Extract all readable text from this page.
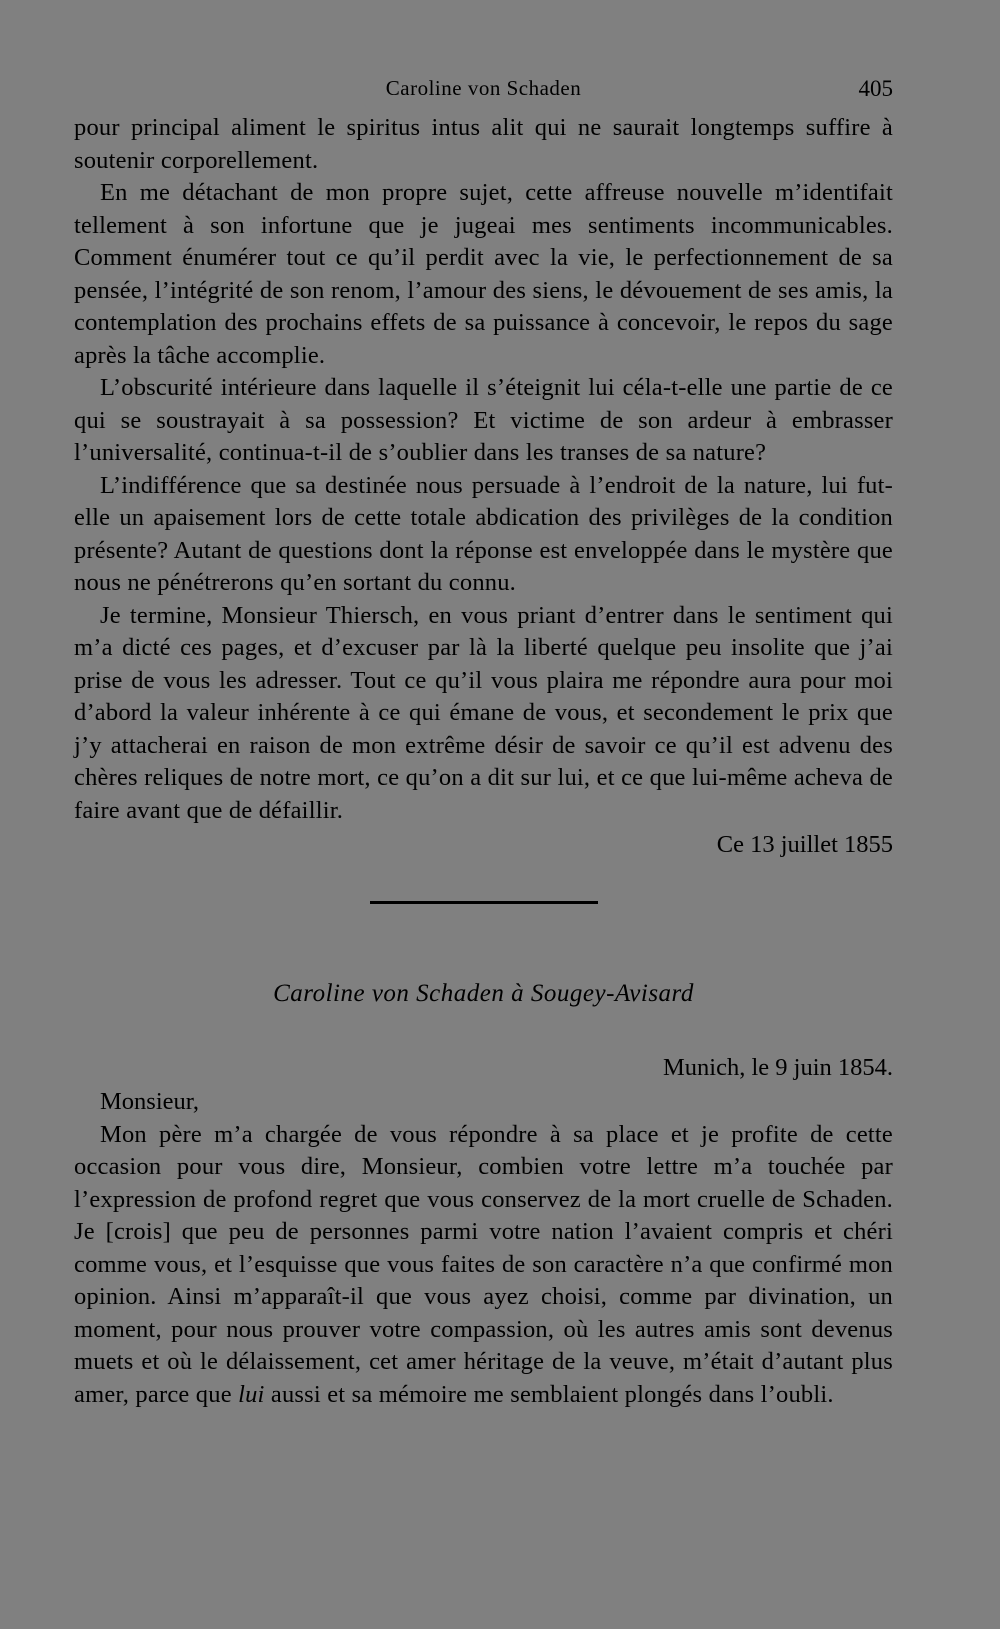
Caroline von Schaden	405

pour principal aliment le spiritus intus alit qui ne saurait longtemps suffire à soutenir corporellement.

En me détachant de mon propre sujet, cette affreuse nouvelle m’identifait tellement à son infortune que je jugeai mes sentiments incommunicables. Comment énumérer tout ce qu’il perdit avec la vie, le perfectionnement de sa pensée, l’intégrité de son renom, l’amour des siens, le dévouement de ses amis, la contemplation des prochains effets de sa puissance à concevoir, le repos du sage après la tâche accomplie.

L’obscurité intérieure dans laquelle il s’éteignit lui céla-t-elle une partie de ce qui se soustrayait à sa possession? Et victime de son ardeur à embrasser l’universalité, continua-t-il de s’oublier dans les transes de sa nature?

L’indifférence que sa destinée nous persuade à l’endroit de la nature, lui fut-elle un apaisement lors de cette totale abdication des privilèges de la condition présente? Autant de questions dont la réponse est enveloppée dans le mystère que nous ne pénétrerons qu’en sortant du connu.

Je termine, Monsieur Thiersch, en vous priant d’entrer dans le sentiment qui m’a dicté ces pages, et d’excuser par là la liberté quelque peu insolite que j’ai prise de vous les adresser. Tout ce qu’il vous plaira me répondre aura pour moi d’abord la valeur inhérente à ce qui émane de vous, et secondement le prix que j’y attacherai en raison de mon extrême désir de savoir ce qu’il est advenu des chères reliques de notre mort, ce qu’on a dit sur lui, et ce que lui-même acheva de faire avant que de défaillir.

Ce 13 juillet 1855
Caroline von Schaden à Sougey-Avisard
Munich, le 9 juin 1854.
Monsieur,

Mon père m’a chargée de vous répondre à sa place et je profite de cette occasion pour vous dire, Monsieur, combien votre lettre m’a touchée par l’expression de profond regret que vous conservez de la mort cruelle de Schaden. Je [crois] que peu de personnes parmi votre nation l’avaient compris et chéri comme vous, et l’esquisse que vous faites de son caractère n’a que confirmé mon opinion. Ainsi m’apparaît-il que vous ayez choisi, comme par divination, un moment, pour nous prouver votre compassion, où les autres amis sont devenus muets et où le délaissement, cet amer héritage de la veuve, m’était d’autant plus amer, parce que lui aussi et sa mémoire me semblaient plongés dans l’oubli.
